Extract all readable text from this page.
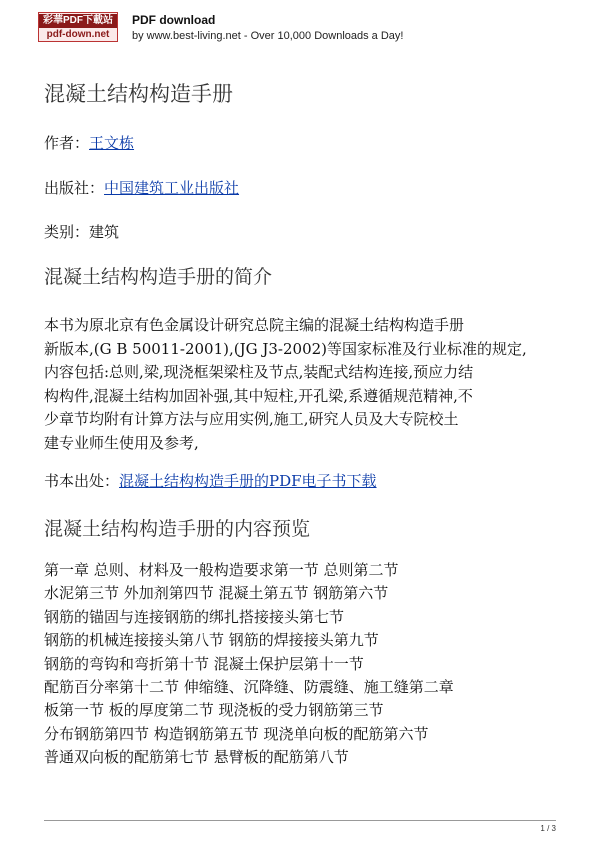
彩華PDF下載站
pdf-down.net
PDF download
by www.best-living.net - Over 10,000 Downloads a Day!
混凝土结构构造手册
作者：王文栋
出版社：中国建筑工业出版社
类别：建筑
混凝土结构构造手册的简介
本书为原北京有色金属设计研究总院主编的混凝土结构构造手册
新版本,(G B 50011-2001),(JG J3-2002)等国家标准及行业标准的规定,
内容包括:总则,梁,现浇框架梁柱及节点,装配式结构连接,预应力结
构构件,混凝土结构加固补强,其中短柱,开孔梁,系遵循规范精神,不
少章节均附有计算方法与应用实例,施工,研究人员及大专院校土
建专业师生使用及参考,
书本出处：混凝土结构构造手册的PDF电子书下载
混凝土结构构造手册的内容预览
第一章 总则、材料及一般构造要求第一节 总则第二节
水泥第三节 外加剂第四节 混凝土第五节 钢筋第六节
钢筋的锚固与连接钢筋的绑扎搭接接头第七节
钢筋的机械连接接头第八节 钢筋的焊接接头第九节
钢筋的弯钩和弯折第十节 混凝土保护层第十一节
配筋百分率第十二节 伸缩缝、沉降缝、防震缝、施工缝第二章
板第一节 板的厚度第二节 现浇板的受力钢筋第三节
分布钢筋第四节 构造钢筋第五节 现浇单向板的配筋第六节
普通双向板的配筋第七节 悬臂板的配筋第八节
1 / 3
